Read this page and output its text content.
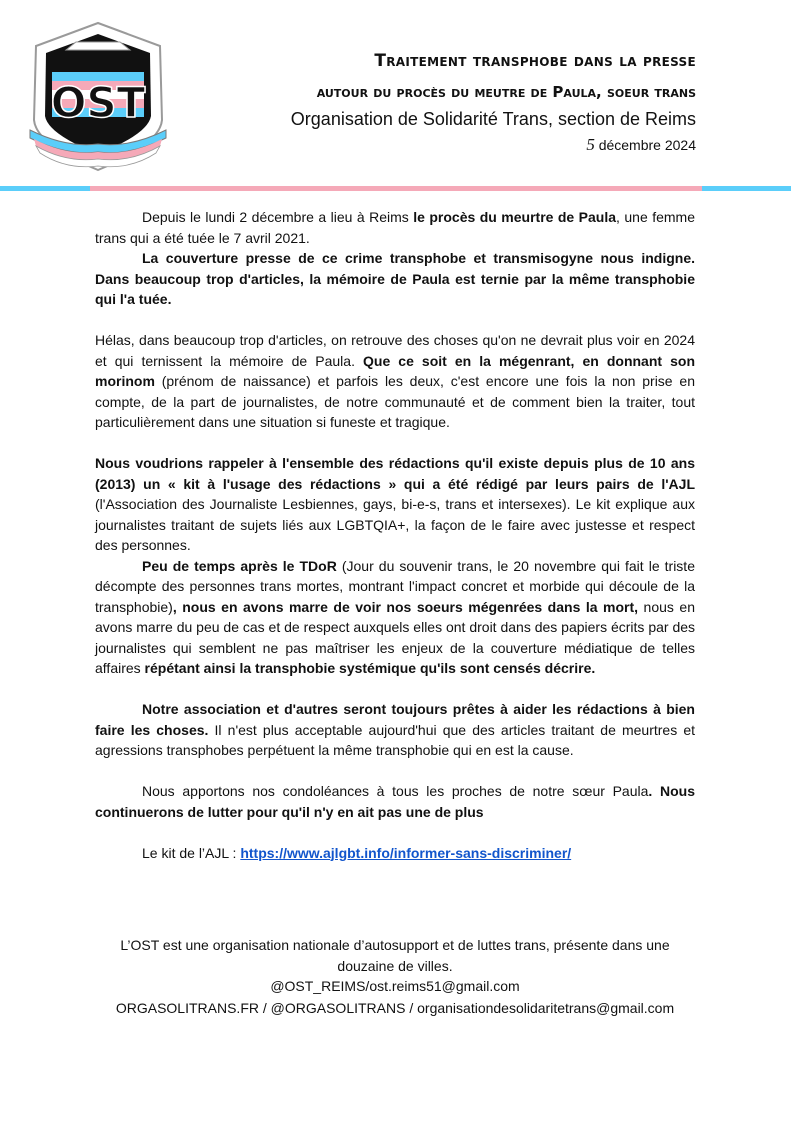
OST
Traitement transphobe dans la presse
autour du procès du meutre de Paula, soeur trans
Organisation de Solidarité Trans, section de Reims
5 décembre 2024

Depuis le lundi 2 décembre a lieu à Reims le procès du meurtre de Paula, une femme trans qui a été tuée le 7 avril 2021.

La couverture presse de ce crime transphobe et transmisogyne nous indigne. Dans beaucoup trop d'articles, la mémoire de Paula est ternie par la même transphobie qui l'a tuée.

Hélas, dans beaucoup trop d'articles, on retrouve des choses qu'on ne devrait plus voir en 2024 et qui ternissent la mémoire de Paula. Que ce soit en la mégenrant, en donnant son morinom (prénom de naissance) et parfois les deux, c'est encore une fois la non prise en compte, de la part de journalistes, de notre communauté et de comment bien la traiter, tout particulièrement dans une situation si funeste et tragique.

Nous voudrions rappeler à l'ensemble des rédactions qu'il existe depuis plus de 10 ans (2013) un « kit à l'usage des rédactions » qui a été rédigé par leurs pairs de l'AJL (l'Association des Journaliste Lesbiennes, gays, bi-e-s, trans et intersexes). Le kit explique aux journalistes traitant de sujets liés aux LGBTQIA+, la façon de le faire avec justesse et respect des personnes.

Peu de temps après le TDoR (Jour du souvenir trans, le 20 novembre qui fait le triste décompte des personnes trans mortes, montrant l'impact concret et morbide qui découle de la transphobie), nous en avons marre de voir nos soeurs mégenrées dans la mort, nous en avons marre du peu de cas et de respect auxquels elles ont droit dans des papiers écrits par des journalistes qui semblent ne pas maîtriser les enjeux de la couverture médiatique de telles affaires répétant ainsi la transphobie systémique qu'ils sont censés décrire.

Notre association et d'autres seront toujours prêtes à aider les rédactions à bien faire les choses. Il n'est plus acceptable aujourd'hui que des articles traitant de meurtres et agressions transphobes perpétuent la même transphobie qui en est la cause.

Nous apportons nos condoléances à tous les proches de notre sœur Paula. Nous continuerons de lutter pour qu'il n'y en ait pas une de plus

Le kit de l’AJL : https://www.ajlgbt.info/informer-sans-discriminer/

L’OST est une organisation nationale d’autosupport et de luttes trans, présente dans une douzaine de villes.
@OST_REIMS/ost.reims51@gmail.com
ORGASOLITRANS.FR / @ORGASOLITRANS / organisationdesolidaritetrans@gmail.com
